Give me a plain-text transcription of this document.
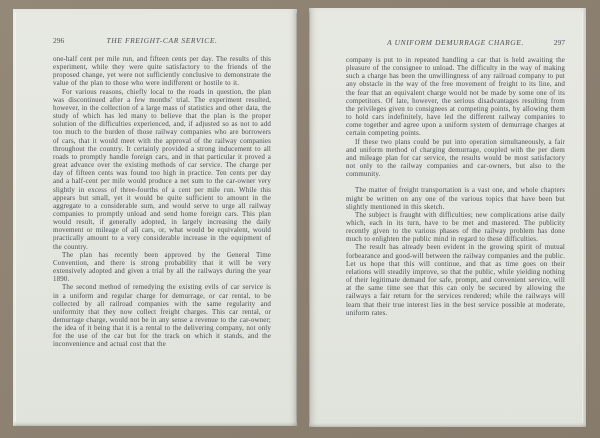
296	THE FREIGHT-CAR SERVICE.

one-half cent per mile run, and fifteen cents per day. The results of this experiment, while they were quite satisfactory to the friends of the proposed change, yet were not sufficiently conclusive to demonstrate the value of the plan to those who were indifferent or hostile to it.

For various reasons, chiefly local to the roads in question, the plan was discontinued after a few months' trial. The experiment resulted, however, in the collection of a large mass of statistics and other data, the study of which has led many to believe that the plan is the proper solution of the difficulties experienced, and, if adjusted so as not to add too much to the burden of those railway companies who are borrowers of cars, that it would meet with the approval of the railway companies throughout the country. It certainly provided a strong inducement to all roads to promptly handle foreign cars, and in that particular it proved a great advance over the existing methods of car service. The charge per day of fifteen cents was found too high in practice. Ten cents per day and a half-cent per mile would produce a net sum to the car-owner very slightly in excess of three-fourths of a cent per mile run. While this appears but small, yet it would be quite sufficient to amount in the aggregate to a considerable sum, and would serve to urge all railway companies to promptly unload and send home foreign cars. This plan would result, if generally adopted, in largely increasing the daily movement or mileage of all cars, or, what would be equivalent, would practically amount to a very considerable increase in the equipment of the country.

The plan has recently been approved by the General Time Convention, and there is strong probability that it will be very extensively adopted and given a trial by all the railways during the year 1890.

The second method of remedying the existing evils of car service is in a uniform and regular charge for demurrage, or car rental, to be collected by all railroad companies with the same regularity and uniformity that they now collect freight charges. This car rental, or demurrage charge, would not be in any sense a revenue to the car-owner; the idea of it being that it is a rental to the delivering company, not only for the use of the car but for the track on which it stands, and the inconvenience and actual cost that the

A UNIFORM DEMURRAGE CHARGE.	297

company is put to in repeated handling a car that is held awaiting the pleasure of the consignee to unload. The difficulty in the way of making such a charge has been the unwillingness of any railroad company to put any obstacle in the way of the free movement of freight to its line, and the fear that an equivalent charge would not be made by some one of its competitors. Of late, however, the serious disadvantages resulting from the privileges given to consignees at competing points, by allowing them to hold cars indefinitely, have led the different railway companies to come together and agree upon a uniform system of demurrage charges at certain competing points.

If these two plans could be put into operation simultaneously, a fair and uniform method of charging demurrage, coupled with the per diem and mileage plan for car service, the results would be most satisfactory not only to the railway companies and car-owners, but also to the community.

The matter of freight transportation is a vast one, and whole chapters might be written on any one of the various topics that have been but slightly mentioned in this sketch.

The subject is fraught with difficulties; new complications arise daily which, each in its turn, have to be met and mastered. The publicity recently given to the various phases of the railway problem has done much to enlighten the public mind in regard to these difficulties.

The result has already been evident in the growing spirit of mutual forbearance and good-will between the railway companies and the public. Let us hope that this will continue, and that as time goes on their relations will steadily improve, so that the public, while yielding nothing of their legitimate demand for safe, prompt, and convenient service, will at the same time see that this can only be secured by allowing the railways a fair return for the services rendered; while the railways will learn that their true interest lies in the best service possible at moderate, uniform rates.
